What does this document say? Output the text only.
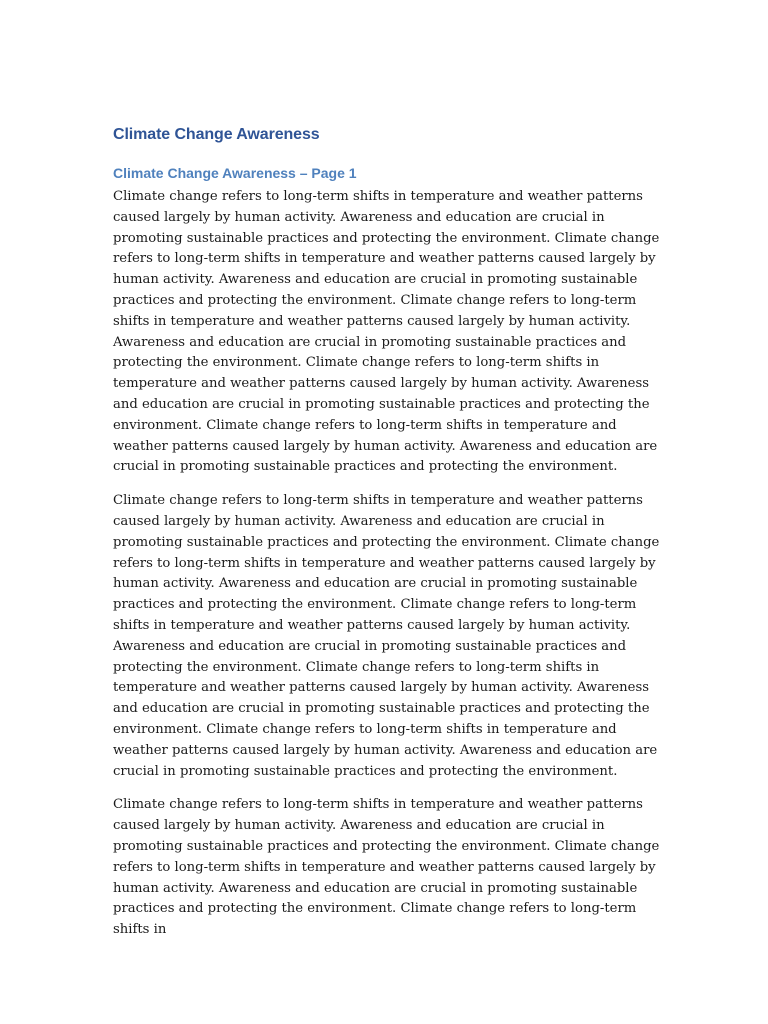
Climate Change Awareness
Climate Change Awareness – Page 1

Climate change refers to long-term shifts in temperature and weather patterns caused largely by human activity. Awareness and education are crucial in promoting sustainable practices and protecting the environment. Climate change refers to long-term shifts in temperature and weather patterns caused largely by human activity. Awareness and education are crucial in promoting sustainable practices and protecting the environment. Climate change refers to long-term shifts in temperature and weather patterns caused largely by human activity. Awareness and education are crucial in promoting sustainable practices and protecting the environment. Climate change refers to long-term shifts in temperature and weather patterns caused largely by human activity. Awareness and education are crucial in promoting sustainable practices and protecting the environment. Climate change refers to long-term shifts in temperature and weather patterns caused largely by human activity. Awareness and education are crucial in promoting sustainable practices and protecting the environment.

Climate change refers to long-term shifts in temperature and weather patterns caused largely by human activity. Awareness and education are crucial in promoting sustainable practices and protecting the environment. Climate change refers to long-term shifts in temperature and weather patterns caused largely by human activity. Awareness and education are crucial in promoting sustainable practices and protecting the environment. Climate change refers to long-term shifts in temperature and weather patterns caused largely by human activity. Awareness and education are crucial in promoting sustainable practices and protecting the environment. Climate change refers to long-term shifts in temperature and weather patterns caused largely by human activity. Awareness and education are crucial in promoting sustainable practices and protecting the environment. Climate change refers to long-term shifts in temperature and weather patterns caused largely by human activity. Awareness and education are crucial in promoting sustainable practices and protecting the environment.

Climate change refers to long-term shifts in temperature and weather patterns caused largely by human activity. Awareness and education are crucial in promoting sustainable practices and protecting the environment. Climate change refers to long-term shifts in temperature and weather patterns caused largely by human activity. Awareness and education are crucial in promoting sustainable practices and protecting the environment. Climate change refers to long-term shifts in
